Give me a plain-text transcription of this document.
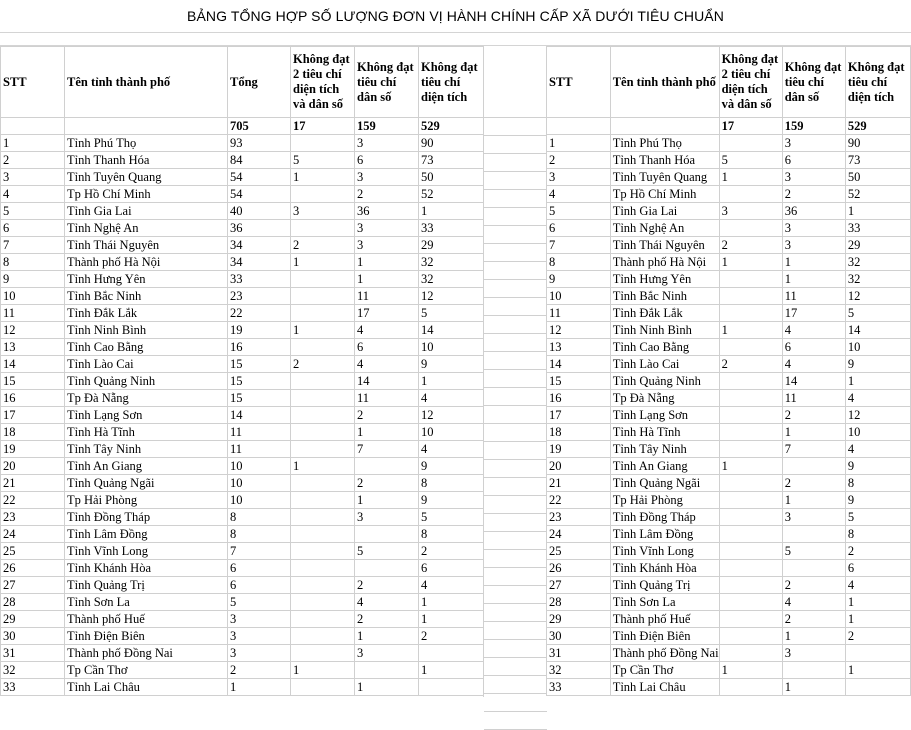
BẢNG TỔNG HỢP SỐ LƯỢNG ĐƠN VỊ HÀNH CHÍNH CẤP XÃ DƯỚI TIÊU CHUẨN
STT	Tên tỉnh thành phố	Tổng	Không đạt 2 tiêu chí diện tích và dân số	Không đạt tiêu chí dân số	Không đạt tiêu chí diện tích
		705	17	159	529
1	Tỉnh Phú Thọ	93		3	90
2	Tỉnh Thanh Hóa	84	5	6	73
3	Tỉnh Tuyên Quang	54	1	3	50
4	Tp Hồ Chí Minh	54		2	52
5	Tỉnh Gia Lai	40	3	36	1
6	Tỉnh Nghệ An	36		3	33
7	Tỉnh Thái Nguyên	34	2	3	29
8	Thành phố Hà Nội	34	1	1	32
9	Tỉnh Hưng Yên	33		1	32
10	Tỉnh Bắc Ninh	23		11	12
11	Tỉnh Đắk Lắk	22		17	5
12	Tỉnh Ninh Bình	19	1	4	14
13	Tỉnh Cao Bằng	16		6	10
14	Tỉnh Lào Cai	15	2	4	9
15	Tỉnh Quảng Ninh	15		14	1
16	Tp Đà Nẵng	15		11	4
17	Tỉnh Lạng Sơn	14		2	12
18	Tỉnh Hà Tĩnh	11		1	10
19	Tỉnh Tây Ninh	11		7	4
20	Tỉnh An Giang	10	1		9
21	Tỉnh Quảng Ngãi	10		2	8
22	Tp Hải Phòng	10		1	9
23	Tỉnh Đồng Tháp	8		3	5
24	Tỉnh Lâm Đồng	8			8
25	Tỉnh Vĩnh Long	7		5	2
26	Tỉnh Khánh Hòa	6			6
27	Tỉnh Quảng Trị	6		2	4
28	Tỉnh Sơn La	5		4	1
29	Thành phố Huế	3		2	1
30	Tỉnh Điện Biên	3		1	2
31	Thành phố Đồng Nai	3		3	
32	Tp Cần Thơ	2	1		1
33	Tỉnh Lai Châu	1		1	
STT	Tên tỉnh thành phố	Không đạt 2 tiêu chí diện tích và dân số	Không đạt tiêu chí dân số	Không đạt tiêu chí diện tích
		17	159	529
1	Tỉnh Phú Thọ		3	90
2	Tỉnh Thanh Hóa	5	6	73
3	Tỉnh Tuyên Quang	1	3	50
4	Tp Hồ Chí Minh		2	52
5	Tỉnh Gia Lai	3	36	1
6	Tỉnh Nghệ An		3	33
7	Tỉnh Thái Nguyên	2	3	29
8	Thành phố Hà Nội	1	1	32
9	Tỉnh Hưng Yên		1	32
10	Tỉnh Bắc Ninh		11	12
11	Tỉnh Đắk Lắk		17	5
12	Tỉnh Ninh Bình	1	4	14
13	Tỉnh Cao Bằng		6	10
14	Tỉnh Lào Cai	2	4	9
15	Tỉnh Quảng Ninh		14	1
16	Tp Đà Nẵng		11	4
17	Tỉnh Lạng Sơn		2	12
18	Tỉnh Hà Tĩnh		1	10
19	Tỉnh Tây Ninh		7	4
20	Tỉnh An Giang	1		9
21	Tỉnh Quảng Ngãi		2	8
22	Tp Hải Phòng		1	9
23	Tỉnh Đồng Tháp		3	5
24	Tỉnh Lâm Đồng			8
25	Tỉnh Vĩnh Long		5	2
26	Tỉnh Khánh Hòa			6
27	Tỉnh Quảng Trị		2	4
28	Tỉnh Sơn La		4	1
29	Thành phố Huế		2	1
30	Tỉnh Điện Biên		1	2
31	Thành phố Đồng Nai		3	
32	Tp Cần Thơ	1		1
33	Tỉnh Lai Châu		1	
